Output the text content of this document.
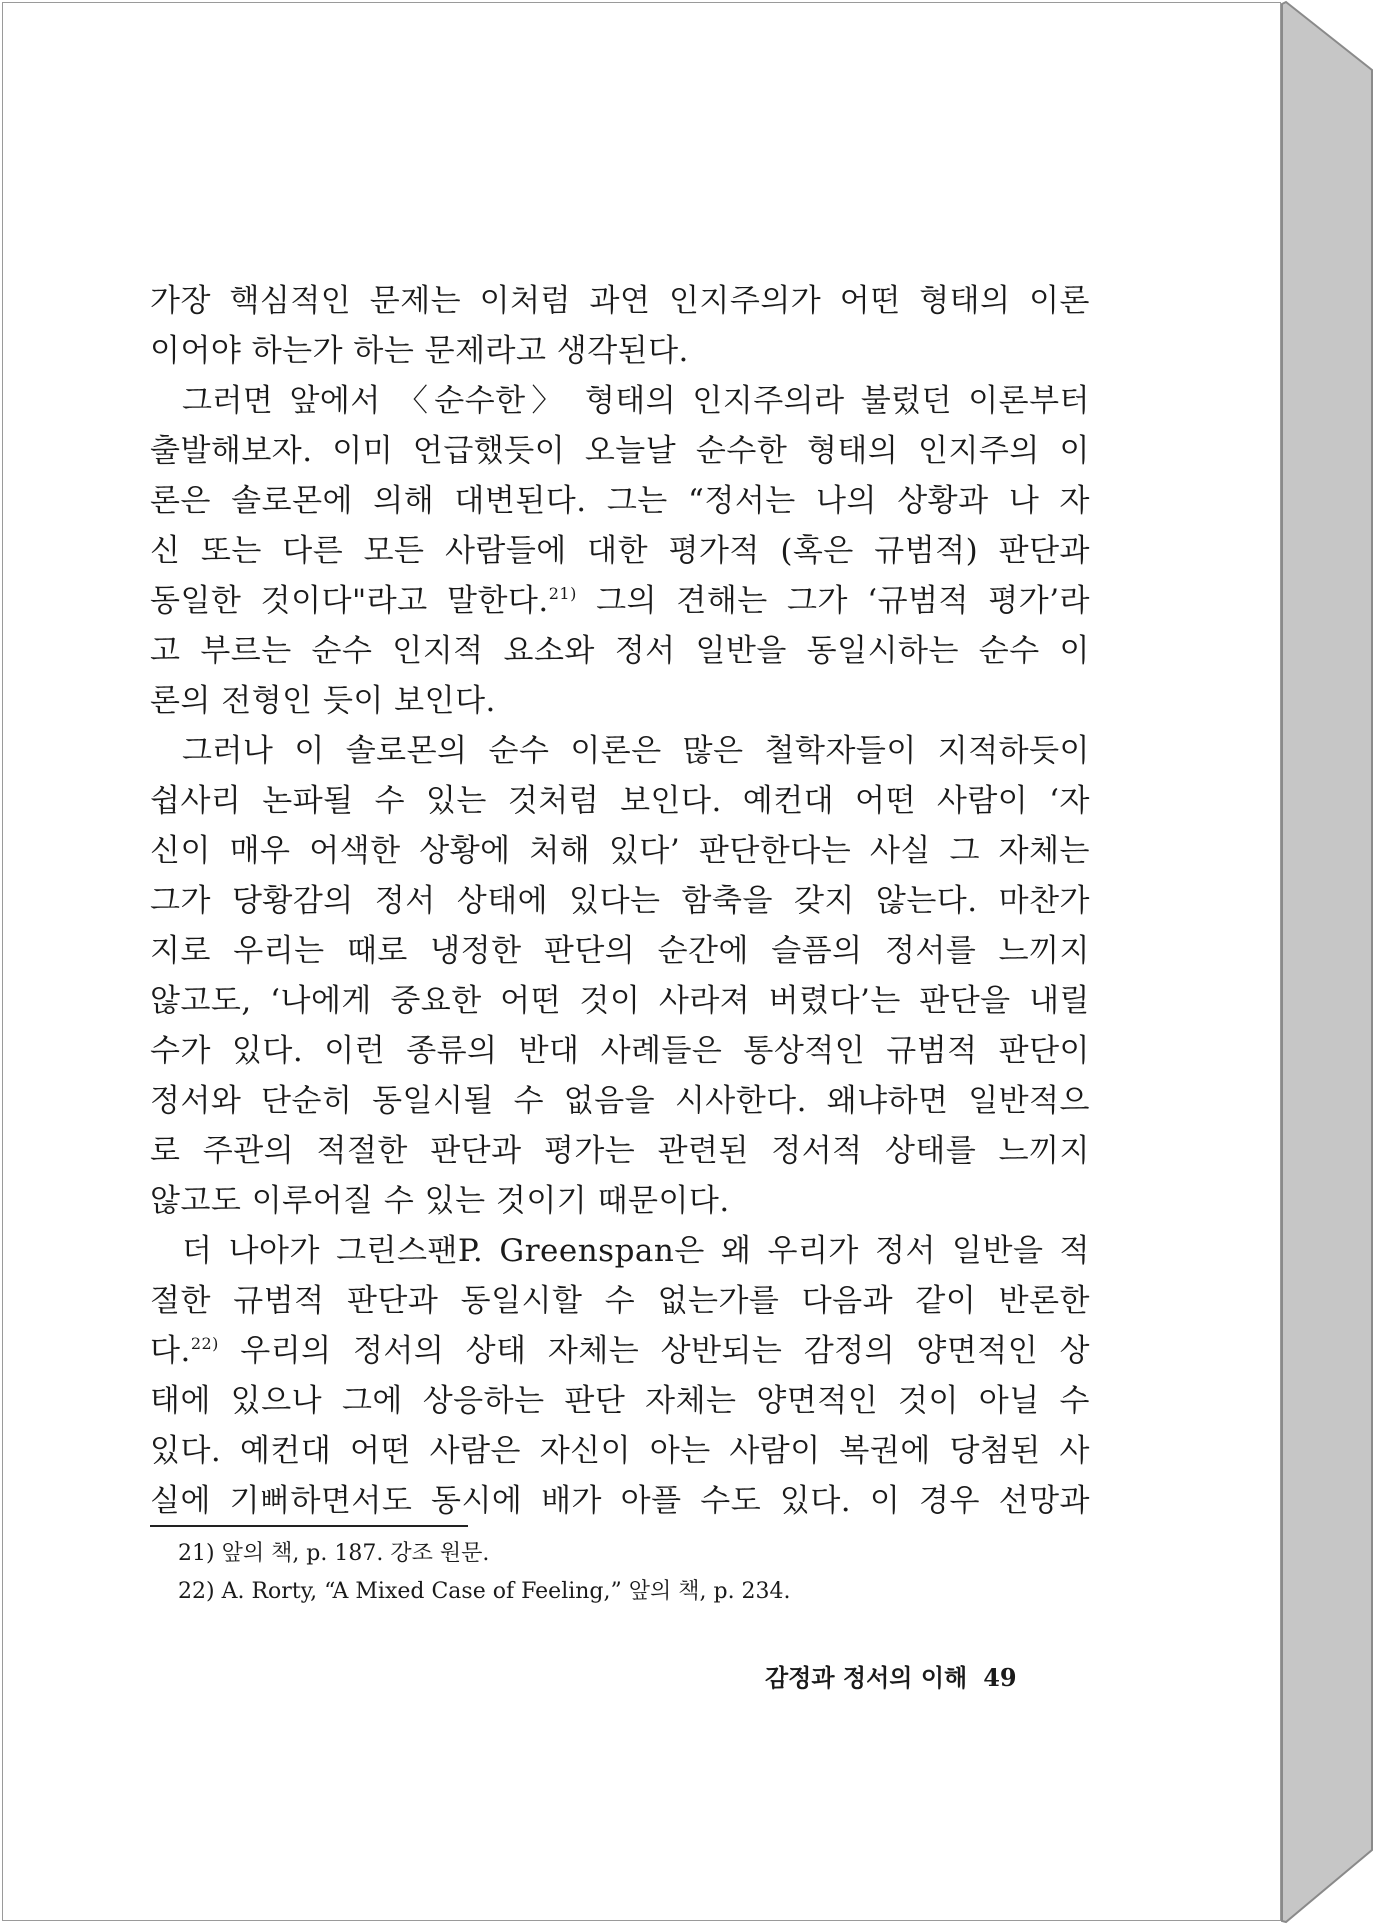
가장 핵심적인 문제는 이처럼 과연 인지주의가 어떤 형태의 이론
이어야 하는가 하는 문제라고 생각된다.
그러면 앞에서 〈순수한〉 형태의 인지주의라 불렀던 이론부터
출발해보자. 이미 언급했듯이 오늘날 순수한 형태의 인지주의 이
론은 솔로몬에 의해 대변된다. 그는 “정서는 나의 상황과 나 자
신 또는 다른 모든 사람들에 대한 평가적 (혹은 규범적) 판단과
동일한 것이다"라고 말한다.$^{21)}$ 그의 견해는 그가 ‘규범적 평가’라
고 부르는 순수 인지적 요소와 정서 일반을 동일시하는 순수 이
론의 전형인 듯이 보인다.
그러나 이 솔로몬의 순수 이론은 많은 철학자들이 지적하듯이
쉽사리 논파될 수 있는 것처럼 보인다. 예컨대 어떤 사람이 ‘자
신이 매우 어색한 상황에 처해 있다’ 판단한다는 사실 그 자체는
그가 당황감의 정서 상태에 있다는 함축을 갖지 않는다. 마찬가
지로 우리는 때로 냉정한 판단의 순간에 슬픔의 정서를 느끼지
않고도, ‘나에게 중요한 어떤 것이 사라져 버렸다’는 판단을 내릴
수가 있다. 이런 종류의 반대 사례들은 통상적인 규범적 판단이
정서와 단순히 동일시될 수 없음을 시사한다. 왜냐하면 일반적으
로 주관의 적절한 판단과 평가는 관련된 정서적 상태를 느끼지
않고도 이루어질 수 있는 것이기 때문이다.
더 나아가 그린스팬P. Greenspan은 왜 우리가 정서 일반을 적
절한 규범적 판단과 동일시할 수 없는가를 다음과 같이 반론한
다.$^{22)}$ 우리의 정서의 상태 자체는 상반되는 감정의 양면적인 상
태에 있으나 그에 상응하는 판단 자체는 양면적인 것이 아닐 수
있다. 예컨대 어떤 사람은 자신이 아는 사람이 복권에 당첨된 사
실에 기뻐하면서도 동시에 배가 아플 수도 있다. 이 경우 선망과
21) 앞의 책, p. 187. 강조 원문.
22) A. Rorty, “A Mixed Case of Feeling,” 앞의 책, p. 234.
감정과 정서의 이해 49
